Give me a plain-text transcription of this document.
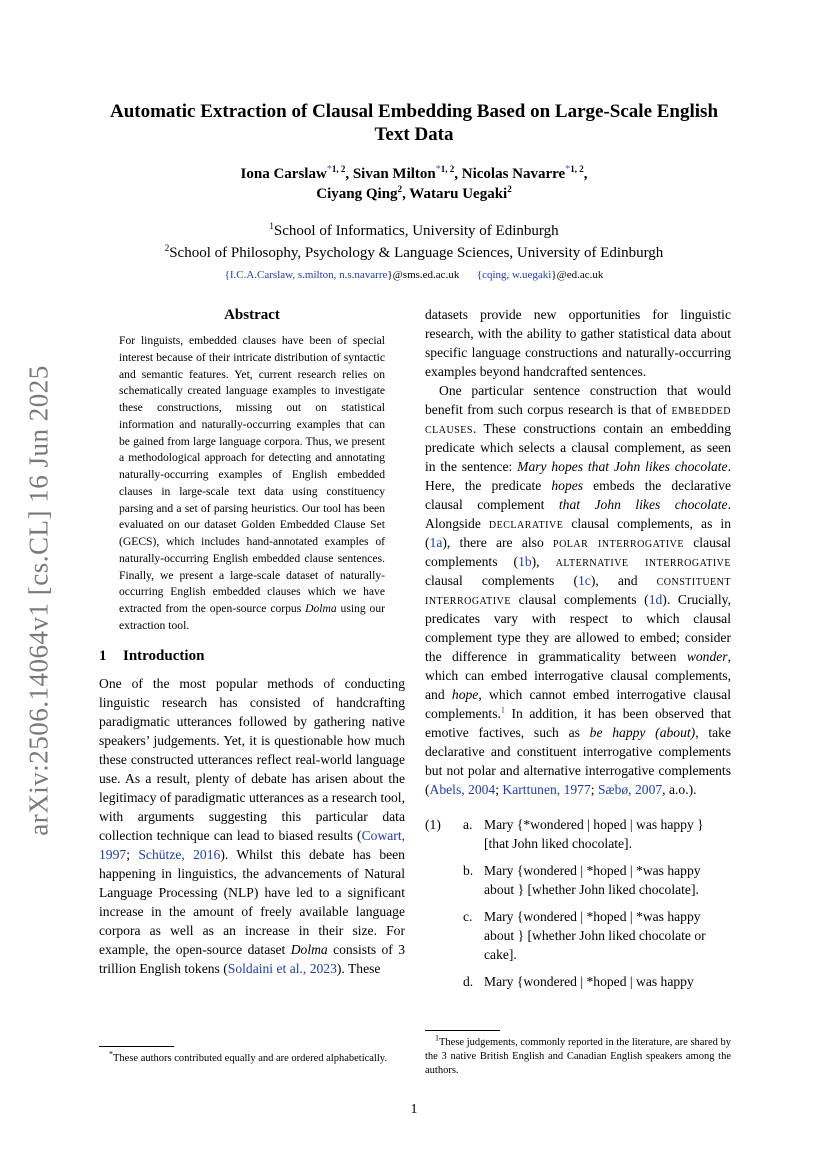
arXiv:2506.14064v1 [cs.CL] 16 Jun 2025
Automatic Extraction of Clausal Embedding Based on Large-Scale English
Text Data
Iona Carslaw$^{*1, 2}$, Sivan Milton$^{*1, 2}$, Nicolas Navarre$^{*1, 2}$,
Ciyang Qing$^2$, Wataru Uegaki$^2$
$^1$School of Informatics, University of Edinburgh
$^2$School of Philosophy, Psychology & Language Sciences, University of Edinburgh
{I.C.A.Carslaw, s.milton, n.s.navarre}@sms.ed.ac.uk {cqing, w.uegaki}@ed.ac.uk
Abstract
For linguists, embedded clauses have been of special interest because of their intricate distribution of syntactic and semantic features. Yet, current research relies on schematically created language examples to investigate these constructions, missing out on statistical information and naturally-occurring examples that can be gained from large language corpora. Thus, we present a methodological approach for detecting and annotating naturally-occurring examples of English embedded clauses in large-scale text data using constituency parsing and a set of parsing heuristics. Our tool has been evaluated on our dataset Golden Embedded Clause Set (GECS), which includes hand-annotated examples of naturally-occurring English embedded clause sentences. Finally, we present a large-scale dataset of naturally-occurring English embedded clauses which we have extracted from the open-source corpus Dolma using our extraction tool.
1 Introduction

One of the most popular methods of conducting linguistic research has consisted of handcrafting paradigmatic utterances followed by gathering native speakers’ judgements. Yet, it is questionable how much these constructed utterances reflect real-world language use. As a result, plenty of debate has arisen about the legitimacy of paradigmatic utterances as a research tool, with arguments suggesting this particular data collection technique can lead to biased results (Cowart, 1997; Schütze, 2016). Whilst this debate has been happening in linguistics, the advancements of Natural Language Processing (NLP) have led to a significant increase in the amount of freely available language corpora as well as an increase in their size. For example, the open-source dataset Dolma consists of 3 trillion English tokens (Soldaini et al., 2023). These

datasets provide new opportunities for linguistic research, with the ability to gather statistical data about specific language constructions and naturally-occurring examples beyond handcrafted sentences.

One particular sentence construction that would benefit from such corpus research is that of embedded clauses. These constructions contain an embedding predicate which selects a clausal complement, as seen in the sentence: Mary hopes that John likes chocolate. Here, the predicate hopes embeds the declarative clausal complement that John likes chocolate. Alongside declarative clausal complements, as in (1a), there are also polar interrogative clausal complements (1b), alternative interrogative clausal complements (1c), and constituent interrogative clausal complements (1d). Crucially, predicates vary with respect to which clausal complement type they are allowed to embed; consider the difference in grammaticality between wonder, which can embed interrogative clausal complements, and hope, which cannot embed interrogative clausal complements.$^1$ In addition, it has been observed that emotive factives, such as be happy (about), take declarative and constituent interrogative complements but not polar and alternative interrogative complements (Abels, 2004; Karttunen, 1977; Sæbø, 2007, a.o.).

(1)	a. Mary {*wondered | hoped | was happy } [that John liked chocolate].
b. Mary {wondered | *hoped | *was happy about } [whether John liked chocolate].
c. Mary {wondered | *hoped | *was happy about } [whether John liked chocolate or cake].
d. Mary {wondered | *hoped | was happy
*These authors contributed equally and are ordered alphabetically.
$^1$These judgements, commonly reported in the literature, are shared by the 3 native British English and Canadian English speakers among the authors.
1
